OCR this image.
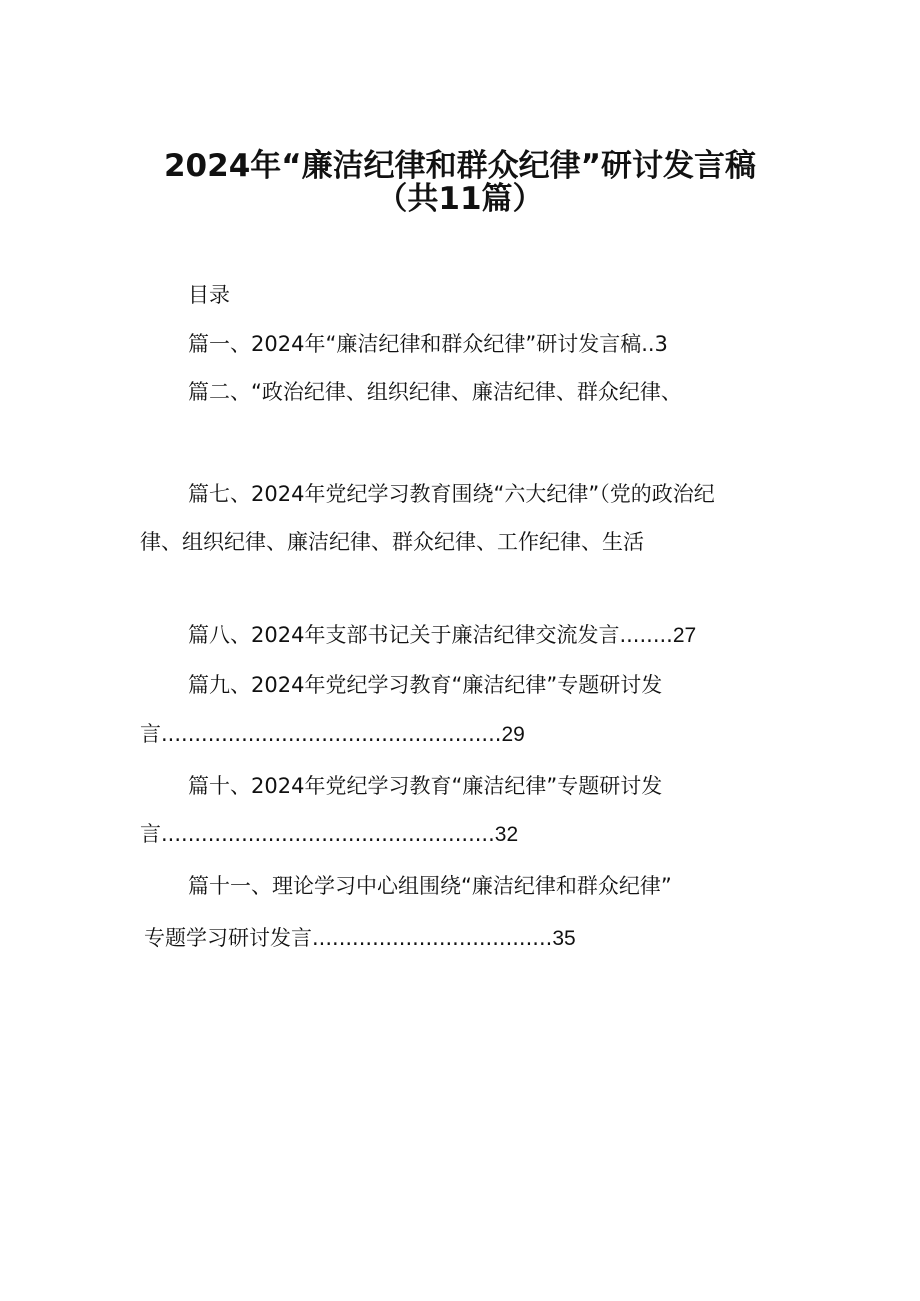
2024年“廉洁纪律和群众纪律”研讨发言稿
（共11篇）
目录
篇一、2024年“廉洁纪律和群众纪律”研讨发言稿..3
篇二、“政治纪律、组织纪律、廉洁纪律、群众纪律、
篇七、2024年党纪学习教育围绕“六大纪律”（党的政治纪
律、组织纪律、廉洁纪律、群众纪律、工作纪律、生活
篇八、2024年支部书记关于廉洁纪律交流发言........27
篇九、2024年党纪学习教育“廉洁纪律”专题研讨发
言...................................................29
篇十、2024年党纪学习教育“廉洁纪律”专题研讨发
言..................................................32
篇十一、理论学习中心组围绕“廉洁纪律和群众纪律”
专题学习研讨发言....................................35
